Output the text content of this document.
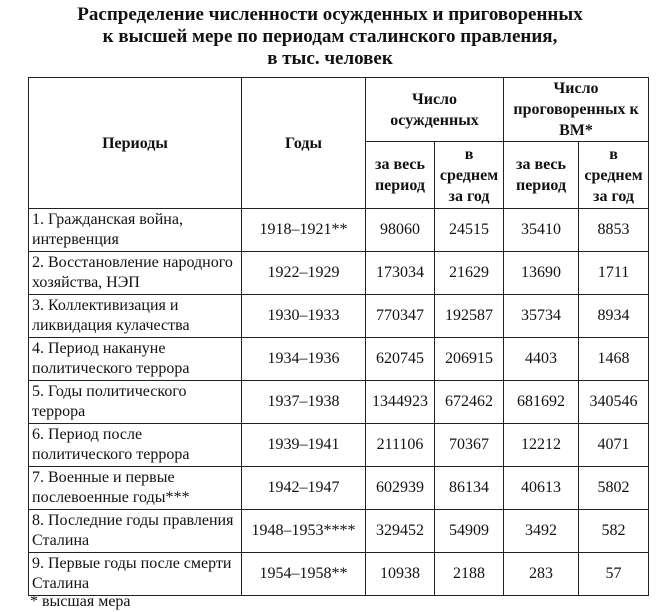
Распределение численности осужденных и приговоренных
к высшей мере по периодам сталинского правления,
в тыс. человек
Периоды	Годы	Число осужденных		Число проговоренных к ВМ*	
		за весь период	в среднем за год	за весь период	в среднем за год
1. Гражданская война, интервенция	1918–1921**	98060	24515	35410	8853
2. Восстановление народного хозяйства, НЭП	1922–1929	173034	21629	13690	1711
3. Коллективизация и ликвидация кулачества	1930–1933	770347	192587	35734	8934
4. Период накануне политического террора	1934–1936	620745	206915	4403	1468
5. Годы политического террора	1937–1938	1344923	672462	681692	340546
6. Период после политического террора	1939–1941	211106	70367	12212	4071
7. Военные и первые послевоенные годы***	1942–1947	602939	86134	40613	5802
8. Последние годы правления Сталина	1948–1953****	329452	54909	3492	582
9. Первые годы после смерти Сталина	1954–1958**	10938	2188	283	57
* высшая мера
